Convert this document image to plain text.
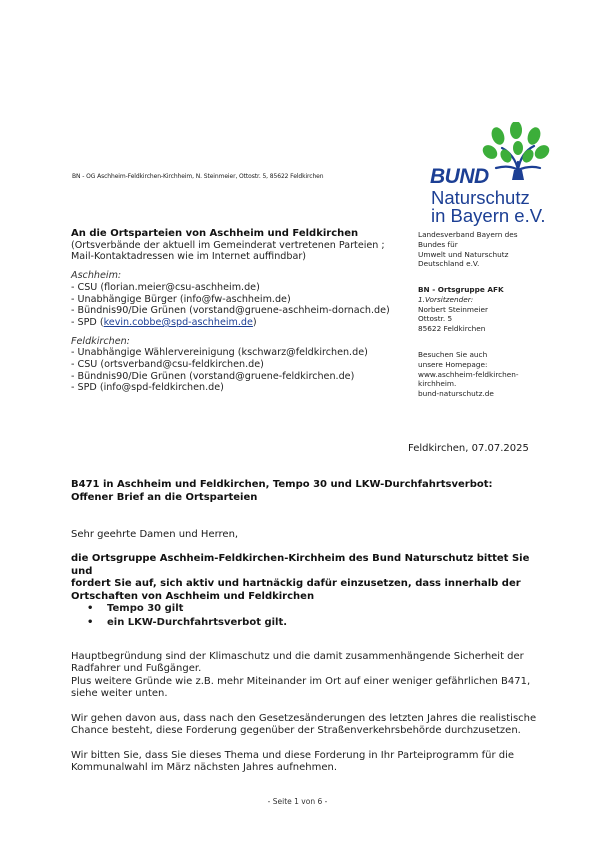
BN - OG Aschheim-Feldkirchen-Kirchheim, N. Steinmeier, Ottostr. 5, 85622 Feldkirchen	BUND
Naturschutz
in Bayern e.V.
Landesverband Bayern des
Bundes für
Umwelt und Naturschutz
Deutschland e.V.
BN - Ortsgruppe AFK
1.Vorsitzender:
Norbert Steinmeier
Ottostr. 5
85622 Feldkirchen
Besuchen Sie auch
unsere Homepage:
www.aschheim-feldkirchen-
kirchheim.
bund-naturschutz.de
An die Ortsparteien von Aschheim und Feldkirchen
(Ortsverbände der aktuell im Gemeinderat vertretenen Parteien ;
Mail-Kontaktadressen wie im Internet auffindbar)
Aschheim:
- CSU (florian.meier@csu-aschheim.de)
- Unabhängige Bürger (info@fw-aschheim.de)
- Bündnis90/Die Grünen (vorstand@gruene-aschheim-dornach.de)
- SPD (kevin.cobbe@spd-aschheim.de)
Feldkirchen:
- Unabhängige Wählervereinigung (kschwarz@feldkirchen.de)
- CSU (ortsverband@csu-feldkirchen.de)
- Bündnis90/Die Grünen (vorstand@gruene-feldkirchen.de)
- SPD (info@spd-feldkirchen.de)
Feldkirchen, 07.07.2025
B471 in Aschheim und Feldkirchen, Tempo 30 und LKW-Durchfahrtsverbot:
Offener Brief an die Ortsparteien
Sehr geehrte Damen und Herren,
die Ortsgruppe Aschheim-Feldkirchen-Kirchheim des Bund Naturschutz bittet Sie und
fordert Sie auf, sich aktiv und hartnäckig dafür einzusetzen, dass innerhalb der
Ortschaften von Aschheim und Feldkirchen
• Tempo 30 gilt
• ein LKW-Durchfahrtsverbot gilt.
Hauptbegründung sind der Klimaschutz und die damit zusammenhängende Sicherheit der
Radfahrer und Fußgänger.
Plus weitere Gründe wie z.B. mehr Miteinander im Ort auf einer weniger gefährlichen B471,
siehe weiter unten.
Wir gehen davon aus, dass nach den Gesetzesänderungen des letzten Jahres die realistische
Chance besteht, diese Forderung gegenüber der Straßenverkehrsbehörde durchzusetzen.
Wir bitten Sie, dass Sie dieses Thema und diese Forderung in Ihr Parteiprogramm für die
Kommunalwahl im März nächsten Jahres aufnehmen.
- Seite 1 von 6 -
